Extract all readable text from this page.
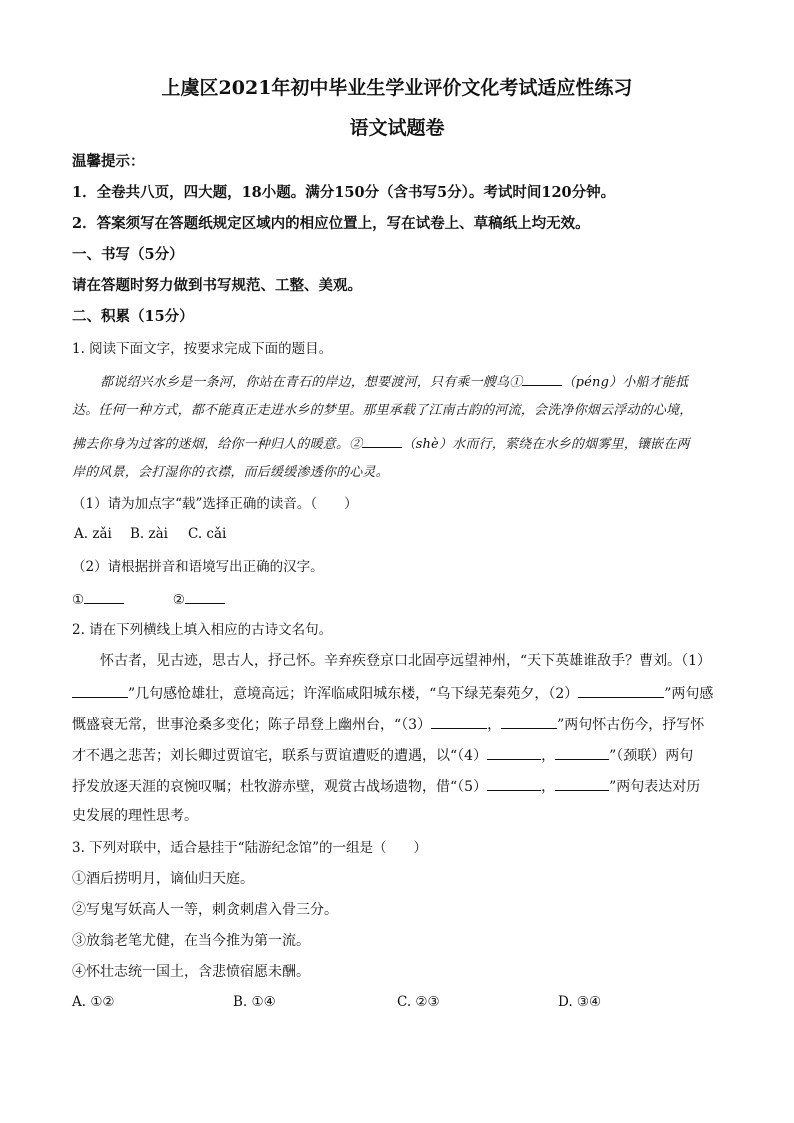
上虞区2021年初中毕业生学业评价文化考试适应性练习
语文试题卷
温馨提示：
1．全卷共八页，四大题，18小题。满分150分（含书写5分）。考试时间120分钟。
2．答案须写在答题纸规定区域内的相应位置上，写在试卷上、草稿纸上均无效。
一、书写（5分）
请在答题时努力做到书写规范、工整、美观。
二、积累（15分）
1. 阅读下面文字，按要求完成下面的题目。
都说绍兴水乡是一条河，你站在青石的岸边，想要渡河，只有乘一艘乌①	（péng）小船才能抵
达。任何一种方式，都不能真正走进水乡的梦里。那里承载了江南古韵的河流，会洗净你烟云浮动的心境，
拂去你身为过客的迷烟，给你一种归人的暖意。②	（shè）水而行，萦绕在水乡的烟雾里，镶嵌在两
岸的风景，会打湿你的衣襟，而后缓缓渗透你的心灵。
（1）请为加点字“载”选择正确的读音。（　　）
A. zǎi B. zài C. cǎi
（2）请根据拼音和语境写出正确的汉字。
①	②
2. 请在下列横线上填入相应的古诗文名句。
怀古者，见古迹，思古人，抒己怀。辛弃疾登京口北固亭远望神州，“天下英雄谁敌手？曹刘。（1）
”几句感怆雄壮，意境高远；许浑临咸阳城东楼，“乌下绿芜秦苑夕，（2）	”两句感
慨盛衰无常，世事沧桑多变化；陈子昂登上幽州台，“（3）	，	”两句怀古伤今，抒写怀
才不遇之悲苦；刘长卿过贾谊宅，联系与贾谊遭贬的遭遇，以“（4）	，	”（颈联）两句
抒发放逐天涯的哀惋叹嘱；杜牧游赤壁，观赏古战场遗物，借“（5）	，	”两句表达对历
史发展的理性思考。
3. 下列对联中，适合悬挂于“陆游纪念馆”的一组是（　　）
①酒后捞明月，谪仙归天庭。
②写鬼写妖高人一等，刺贪刺虐入骨三分。
③放翁老笔尤健，在当今推为第一流。
④怀壮志统一国土，含悲愤宿愿未酬。
A. ①②	B. ①④	C. ②③	D. ③④
